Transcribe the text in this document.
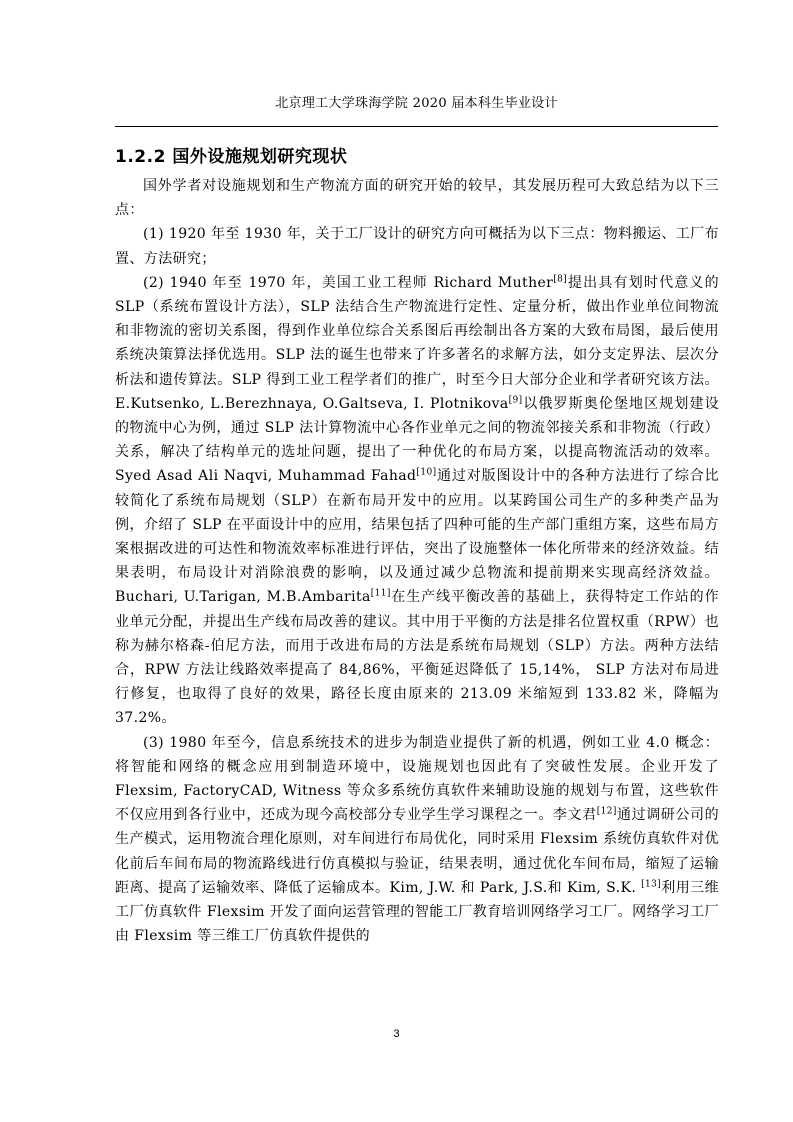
北京理工大学珠海学院 2020 届本科生毕业设计
1.2.2 国外设施规划研究现状

国外学者对设施规划和生产物流方面的研究开始的较早，其发展历程可大致总结为以下三点：

(1) 1920 年至 1930 年，关于工厂设计的研究方向可概括为以下三点：物料搬运、工厂布置、方法研究；

(2) 1940 年至 1970 年，美国工业工程师 Richard Muther[8]提出具有划时代意义的 SLP（系统布置设计方法），SLP 法结合生产物流进行定性、定量分析，做出作业单位间物流和非物流的密切关系图，得到作业单位综合关系图后再绘制出各方案的大致布局图，最后使用系统决策算法择优选用。SLP 法的诞生也带来了许多著名的求解方法，如分支定界法、层次分析法和遗传算法。SLP 得到工业工程学者们的推广，时至今日大部分企业和学者研究该方法。E.Kutsenko, L.Berezhnaya, O.Galtseva, I. Plotnikova[9]以俄罗斯奥伦堡地区规划建设的物流中心为例，通过 SLP 法计算物流中心各作业单元之间的物流邻接关系和非物流（行政）关系，解决了结构单元的选址问题，提出了一种优化的布局方案，以提高物流活动的效率。Syed Asad Ali Naqvi, Muhammad Fahad[10]通过对版图设计中的各种方法进行了综合比较简化了系统布局规划（SLP）在新布局开发中的应用。以某跨国公司生产的多种类产品为例，介绍了 SLP 在平面设计中的应用，结果包括了四种可能的生产部门重组方案，这些布局方案根据改进的可达性和物流效率标准进行评估，突出了设施整体一体化所带来的经济效益。结果表明，布局设计对消除浪费的影响，以及通过减少总物流和提前期来实现高经济效益。Buchari, U.Tarigan, M.B.Ambarita[11]在生产线平衡改善的基础上，获得特定工作站的作业单元分配，并提出生产线布局改善的建议。其中用于平衡的方法是排名位置权重（RPW）也称为赫尔格森-伯尼方法，而用于改进布局的方法是系统布局规划（SLP）方法。两种方法结合，RPW 方法让线路效率提高了 84,86%，平衡延迟降低了 15,14%， SLP 方法对布局进行修复，也取得了良好的效果，路径长度由原来的 213.09 米缩短到 133.82 米，降幅为 37.2%。

(3) 1980 年至今，信息系统技术的进步为制造业提供了新的机遇，例如工业 4.0 概念：将智能和网络的概念应用到制造环境中，设施规划也因此有了突破性发展。企业开发了 Flexsim, FactoryCAD, Witness 等众多系统仿真软件来辅助设施的规划与布置，这些软件不仅应用到各行业中，还成为现今高校部分专业学生学习课程之一。李文君[12]通过调研公司的生产模式，运用物流合理化原则，对车间进行布局优化，同时采用 Flexsim 系统仿真软件对优化前后车间布局的物流路线进行仿真模拟与验证，结果表明，通过优化车间布局，缩短了运输距离、提高了运输效率、降低了运输成本。Kim, J.W. 和 Park, J.S.和 Kim, S.K. [13]利用三维工厂仿真软件 Flexsim 开发了面向运营管理的智能工厂教育培训网络学习工厂。网络学习工厂由 Flexsim 等三维工厂仿真软件提供的

3
